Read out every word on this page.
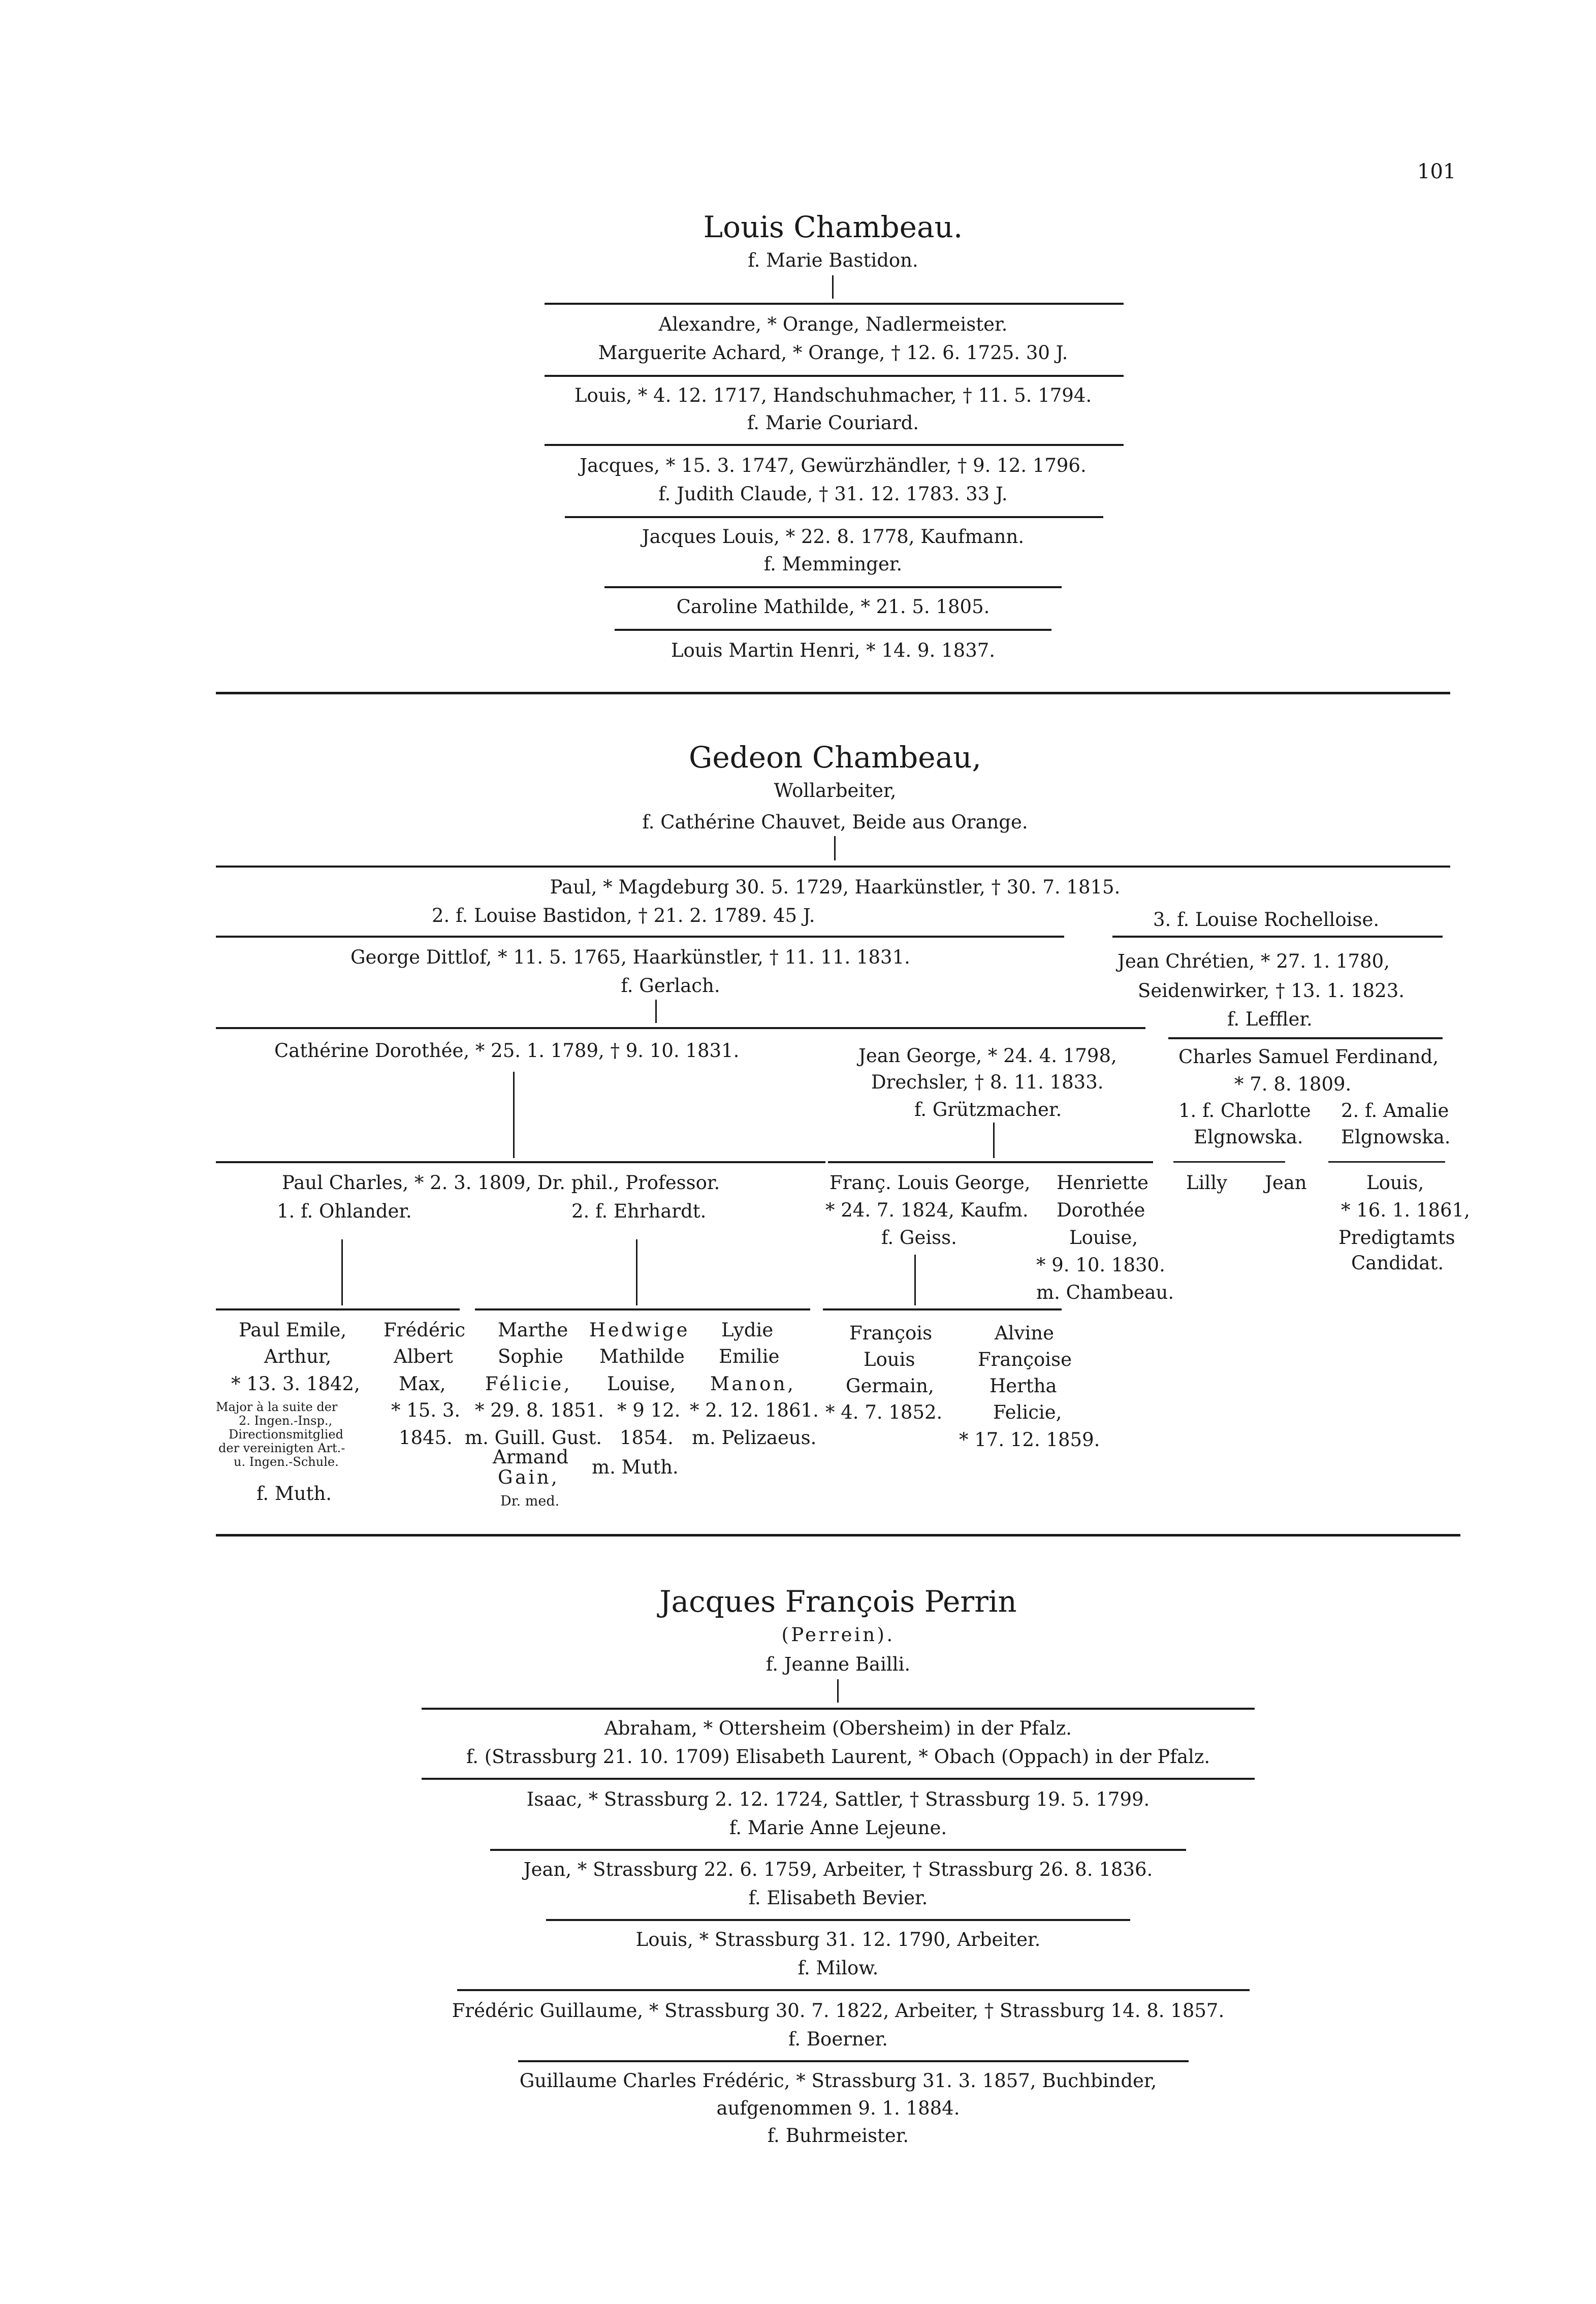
101
Louis Chambeau.
f. Marie Bastidon.
Alexandre, * Orange, Nadlermeister.
Marguerite Achard, * Orange, † 12. 6. 1725. 30 J.
Louis, * 4. 12. 1717, Handschuhmacher, † 11. 5. 1794.
f. Marie Couriard.
Jacques, * 15. 3. 1747, Gewürzhändler, † 9. 12. 1796.
f. Judith Claude, † 31. 12. 1783. 33 J.
Jacques Louis, * 22. 8. 1778, Kaufmann.
f. Memminger.
Caroline Mathilde, * 21. 5. 1805.
Louis Martin Henri, * 14. 9. 1837.
Gedeon Chambeau,
Wollarbeiter,
f. Cathérine Chauvet, Beide aus Orange.
Paul, * Magdeburg 30. 5. 1729, Haarkünstler, † 30. 7. 1815.
2. f. Louise Bastidon, † 21. 2. 1789. 45 J.	3. f. Louise Rochelloise.
George Dittlof, * 11. 5. 1765, Haarkünstler, † 11. 11. 1831.
f. Gerlach.
Jean Chrétien, * 27. 1. 1780,
Seidenwirker, † 13. 1. 1823.
f. Leffler.
Cathérine Dorothée, * 25. 1. 1789, † 9. 10. 1831.	Jean George, * 24. 4. 1798,
Drechsler, † 8. 11. 1833.
f. Grützmacher.
Charles Samuel Ferdinand,
* 7. 8. 1809.
1. f. Charlotte
Elgnowska.
2. f. Amalie
Elgnowska.
Paul Charles, * 2. 3. 1809, Dr. phil., Professor.
1. f. Ohlander.	2. f. Ehrhardt.
Franç. Louis George,
* 24. 7. 1824, Kaufm.
f. Geiss.
Henriette
Dorothée
Louise,
* 9. 10. 1830.
m. Chambeau.
Lilly Jean	Louis,
* 16. 1. 1861,
Predigtamts
Candidat.
Paul Emile,
Arthur,
* 13. 3. 1842,
Major à la suite der
2. Ingen.-Insp.,
Directionsmitglied
der vereinigten Art.-
u. Ingen.-Schule.
f. Muth.
Frédéric
Albert
Max,
* 15. 3.
1845.
Marthe
Sophie
Félicie,
* 29. 8. 1851.
m. Guill. Gust.
Armand
Gain,
Dr. med.
Hedwige
Mathilde
Louise,
* 9 12.
1854.
m. Muth.
Lydie
Emilie
Manon,
* 2. 12. 1861.
m. Pelizaeus.
François
Louis
Germain,
* 4. 7. 1852.
Alvine
Françoise
Hertha
Felicie,
* 17. 12. 1859.
Jacques François Perrin
(Perrein).
f. Jeanne Bailli.
Abraham, * Ottersheim (Obersheim) in der Pfalz.
f. (Strassburg 21. 10. 1709) Elisabeth Laurent, * Obach (Oppach) in der Pfalz.
Isaac, * Strassburg 2. 12. 1724, Sattler, † Strassburg 19. 5. 1799.
f. Marie Anne Lejeune.
Jean, * Strassburg 22. 6. 1759, Arbeiter, † Strassburg 26. 8. 1836.
f. Elisabeth Bevier.
Louis, * Strassburg 31. 12. 1790, Arbeiter.
f. Milow.
Frédéric Guillaume, * Strassburg 30. 7. 1822, Arbeiter, † Strassburg 14. 8. 1857.
f. Boerner.
Guillaume Charles Frédéric, * Strassburg 31. 3. 1857, Buchbinder,
aufgenommen 9. 1. 1884.
f. Buhrmeister.
